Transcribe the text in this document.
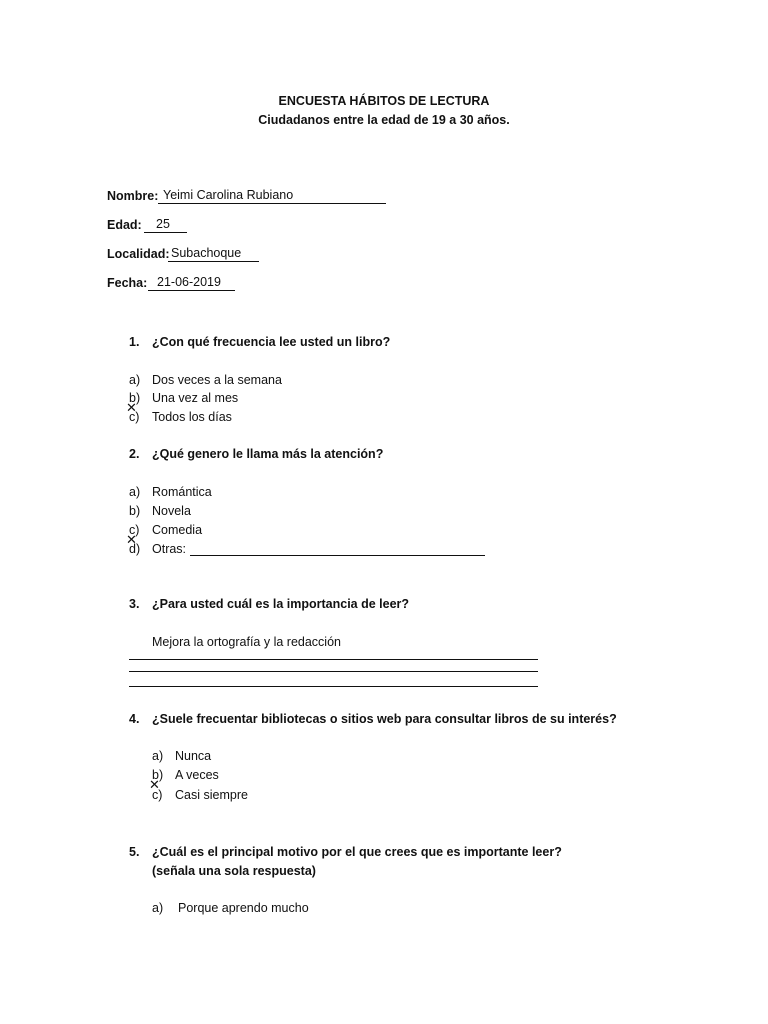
ENCUESTA HÁBITOS DE LECTURA
Ciudadanos entre la edad de 19 a 30 años.
Nombre: Yeimi Carolina Rubiano
Edad: 25
Localidad: Subachoque
Fecha: 21-06-2019
1. ¿Con qué frecuencia lee usted un libro?
a) Dos veces a la semana
b) Una vez al mes
c) Todos los días
✕
2. ¿Qué genero le llama más la atención?
a) Romántica
b) Novela
c) Comedia
d) Otras:
✕
3. ¿Para usted cuál es la importancia de leer?
Mejora la ortografía y la redacción
4. ¿Suele frecuentar bibliotecas o sitios web para consultar libros de su interés?
a) Nunca
b) A veces
c) Casi siempre
✕
5. ¿Cuál es el principal motivo por el que crees que es importante leer?
(señala una sola respuesta)
a) Porque aprendo mucho
